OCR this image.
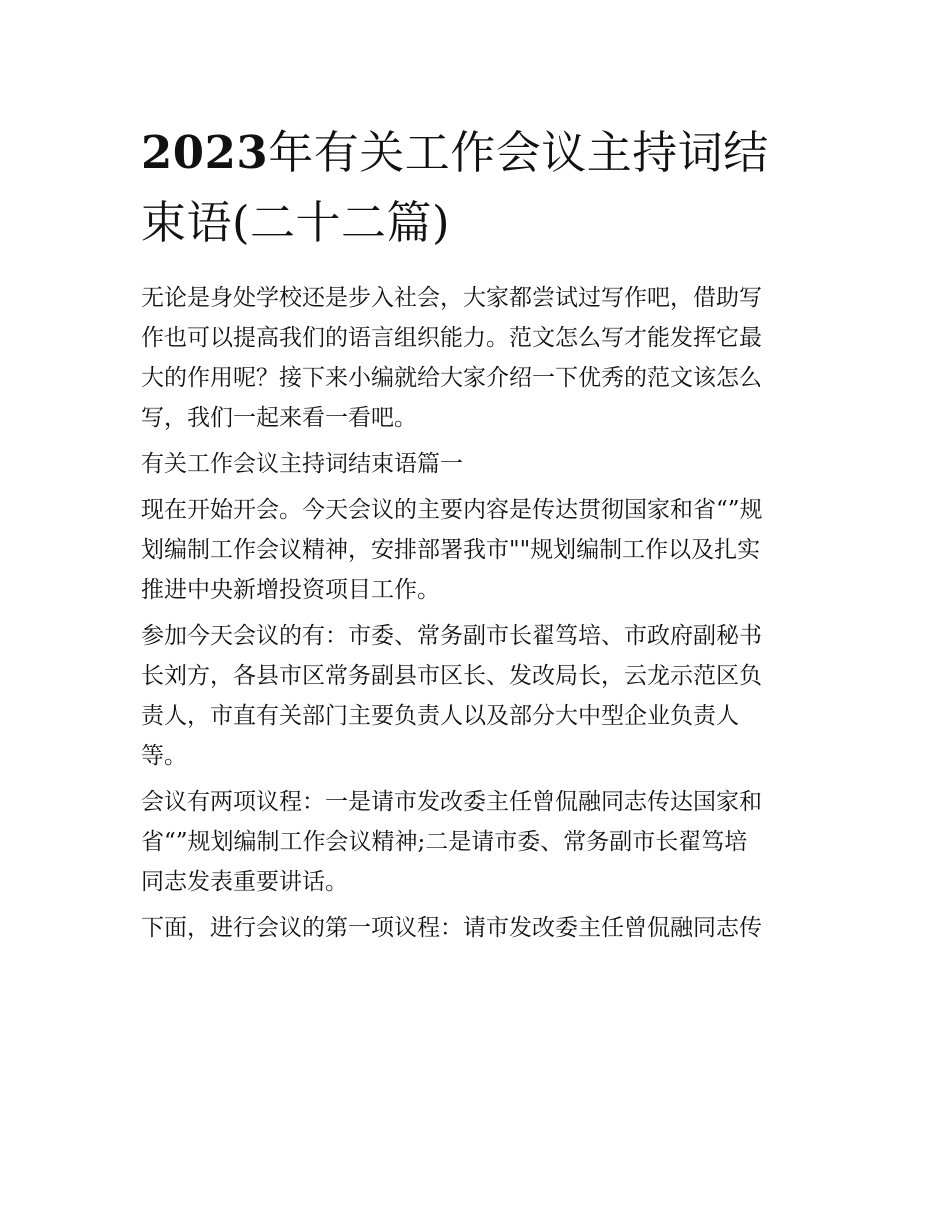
2023年有关工作会议主持词结
束语(二十二篇)

无论是身处学校还是步入社会，大家都尝试过写作吧，借助写
作也可以提高我们的语言组织能力。范文怎么写才能发挥它最
大的作用呢？接下来小编就给大家介绍一下优秀的范文该怎么
写，我们一起来看一看吧。

有关工作会议主持词结束语篇一

现在开始开会。今天会议的主要内容是传达贯彻国家和省“”规
划编制工作会议精神，安排部署我市""规划编制工作以及扎实
推进中央新增投资项目工作。

参加今天会议的有：市委、常务副市长翟笃培、市政府副秘书
长刘方，各县市区常务副县市区长、发改局长，云龙示范区负
责人，市直有关部门主要负责人以及部分大中型企业负责人
等。

会议有两项议程：一是请市发改委主任曾侃融同志传达国家和
省“”规划编制工作会议精神;二是请市委、常务副市长翟笃培
同志发表重要讲话。

下面，进行会议的第一项议程：请市发改委主任曾侃融同志传
